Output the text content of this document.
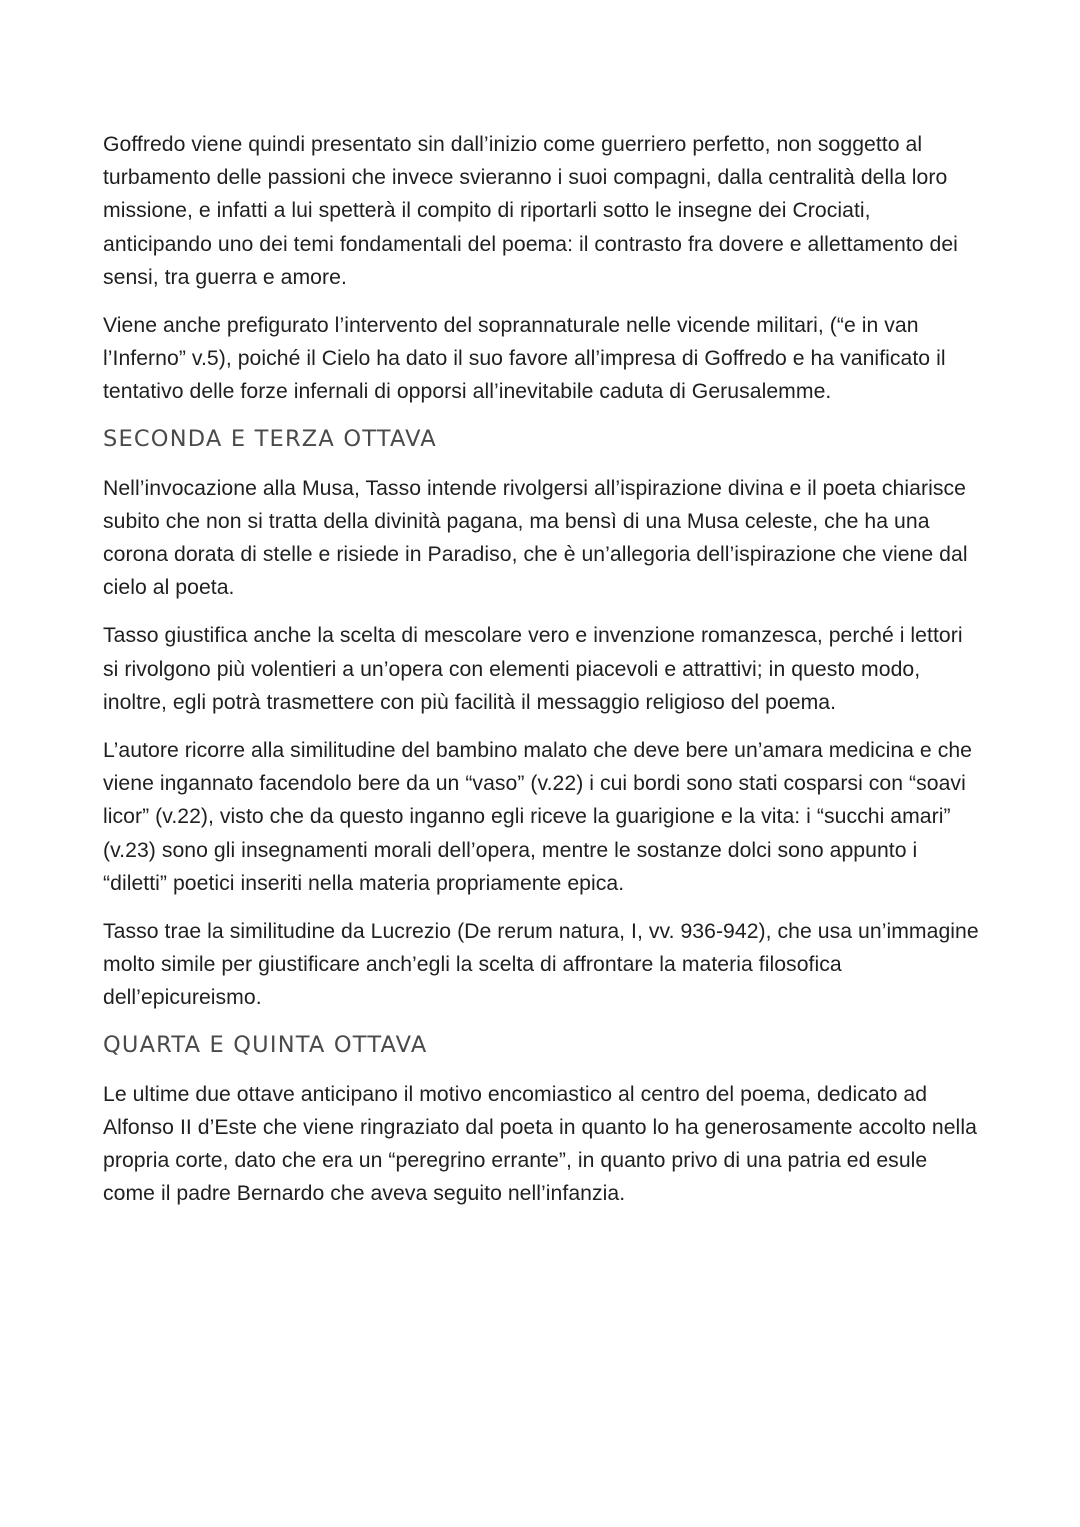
Goffredo viene quindi presentato sin dall’inizio come guerriero perfetto, non soggetto al turbamento delle passioni che invece svieranno i suoi compagni, dalla centralità della loro missione, e infatti a lui spetterà il compito di riportarli sotto le insegne dei Crociati, anticipando uno dei temi fondamentali del poema: il contrasto fra dovere e allettamento dei sensi, tra guerra e amore.

Viene anche prefigurato l’intervento del soprannaturale nelle vicende militari, (“e in van l’Inferno” v.5), poiché il Cielo ha dato il suo favore all’impresa di Goffredo e ha vanificato il tentativo delle forze infernali di opporsi all’inevitabile caduta di Gerusalemme.

SECONDA E TERZA OTTAVA

Nell’invocazione alla Musa, Tasso intende rivolgersi all’ispirazione divina e il poeta chiarisce subito che non si tratta della divinità pagana, ma bensì di una Musa celeste, che ha una corona dorata di stelle e risiede in Paradiso, che è un’allegoria dell’ispirazione che viene dal cielo al poeta.

Tasso giustifica anche la scelta di mescolare vero e invenzione romanzesca, perché i lettori si rivolgono più volentieri a un’opera con elementi piacevoli e attrattivi; in questo modo, inoltre, egli potrà trasmettere con più facilità il messaggio religioso del poema.

L’autore ricorre alla similitudine del bambino malato che deve bere un’amara medicina e che viene ingannato facendolo bere da un “vaso” (v.22) i cui bordi sono stati cosparsi con “soavi licor” (v.22), visto che da questo inganno egli riceve la guarigione e la vita: i “succhi amari” (v.23) sono gli insegnamenti morali dell’opera, mentre le sostanze dolci sono appunto i “diletti” poetici inseriti nella materia propriamente epica.

Tasso trae la similitudine da Lucrezio (De rerum natura, I, vv. 936-942), che usa un’immagine molto simile per giustificare anch’egli la scelta di affrontare la materia filosofica dell’epicureismo.

QUARTA E QUINTA OTTAVA

Le ultime due ottave anticipano il motivo encomiastico al centro del poema, dedicato ad Alfonso II d’Este che viene ringraziato dal poeta in quanto lo ha generosamente accolto nella propria corte, dato che era un “peregrino errante”, in quanto privo di una patria ed esule come il padre Bernardo che aveva seguito nell’infanzia.
